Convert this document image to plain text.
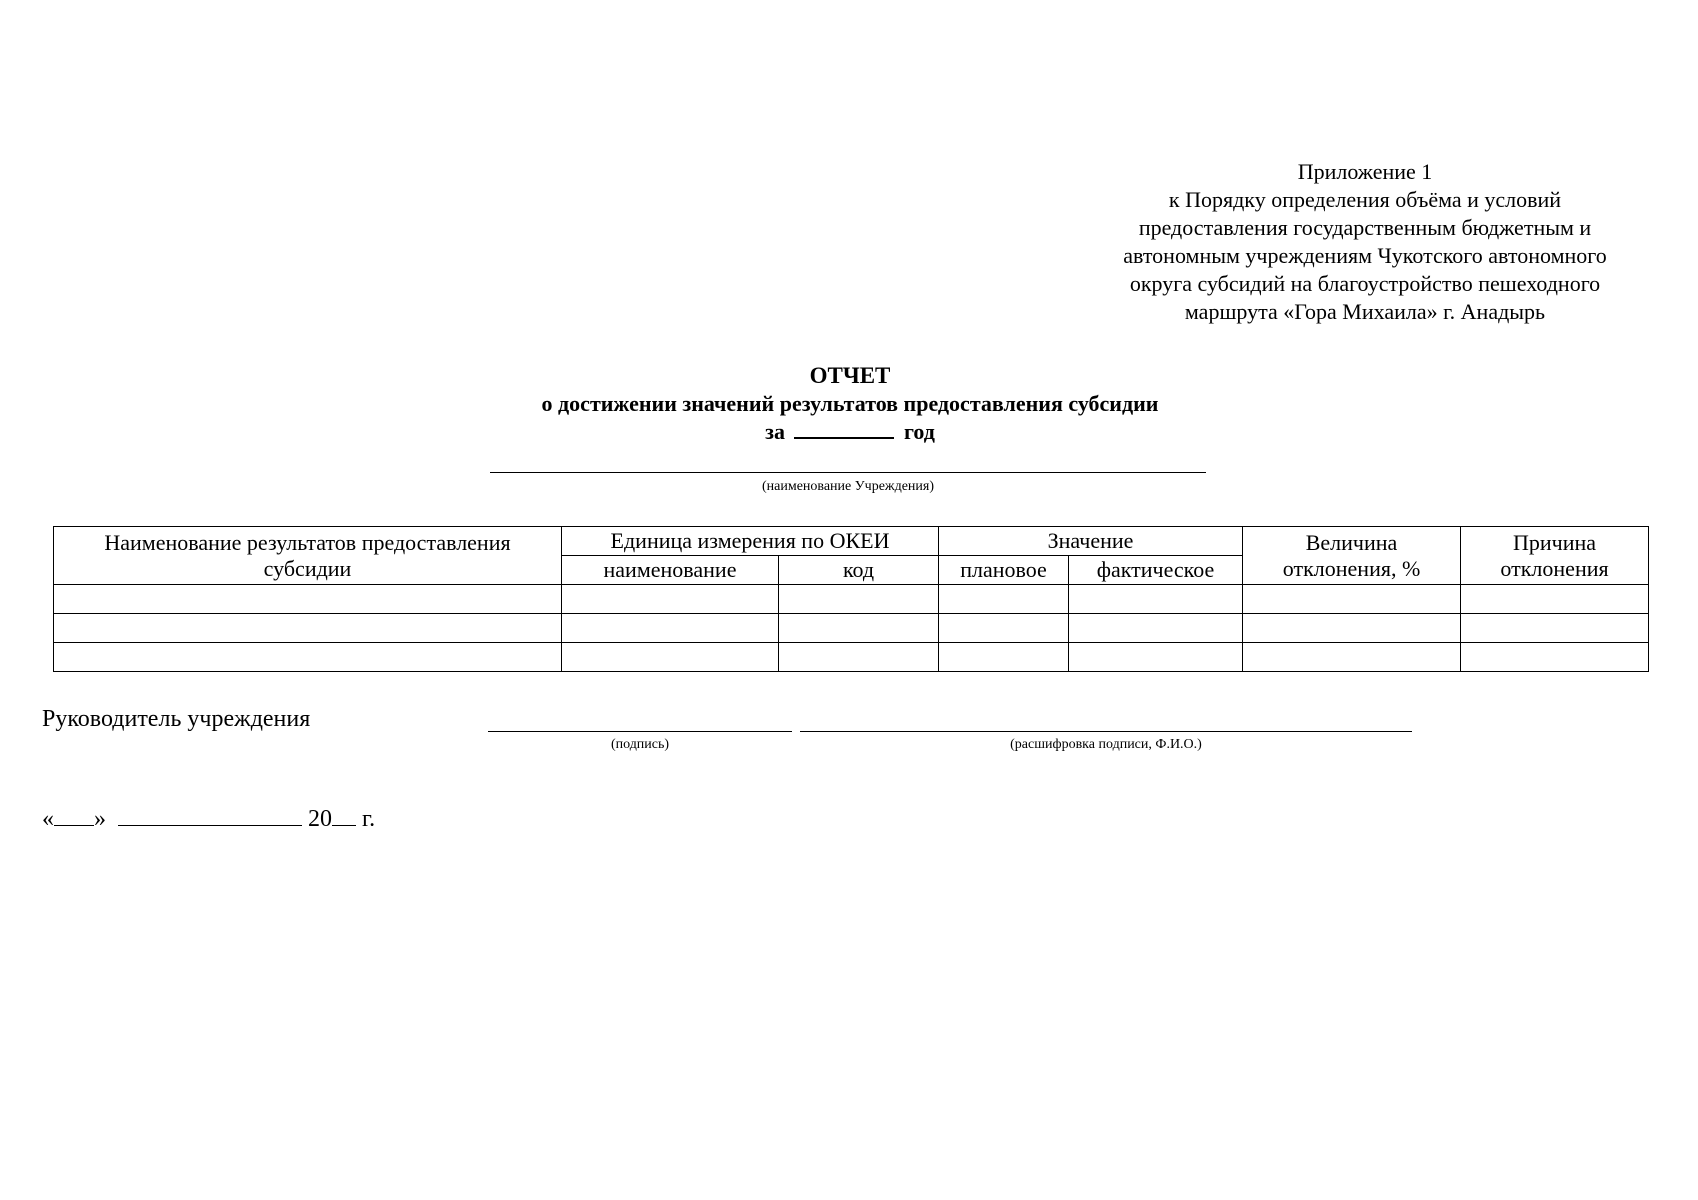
Приложение 1
к Порядку определения объёма и условий
предоставления государственным бюджетным и
автономным учреждениям Чукотского автономного
округа субсидий на благоустройство пешеходного
маршрута «Гора Михаила» г. Анадырь
ОТЧЕТ
о достижении значений результатов предоставления субсидии
за	год
(наименование Учреждения)
Наименование результатов предоставления субсидии	Единица измерения по ОКЕИ		Значение		Величина отклонения, %	Причина отклонения
	наименование	код	плановое	фактическое		

Руководитель учреждения
(подпись)	(расшифровка подписи, Ф.И.О.)
« »	20 г.
